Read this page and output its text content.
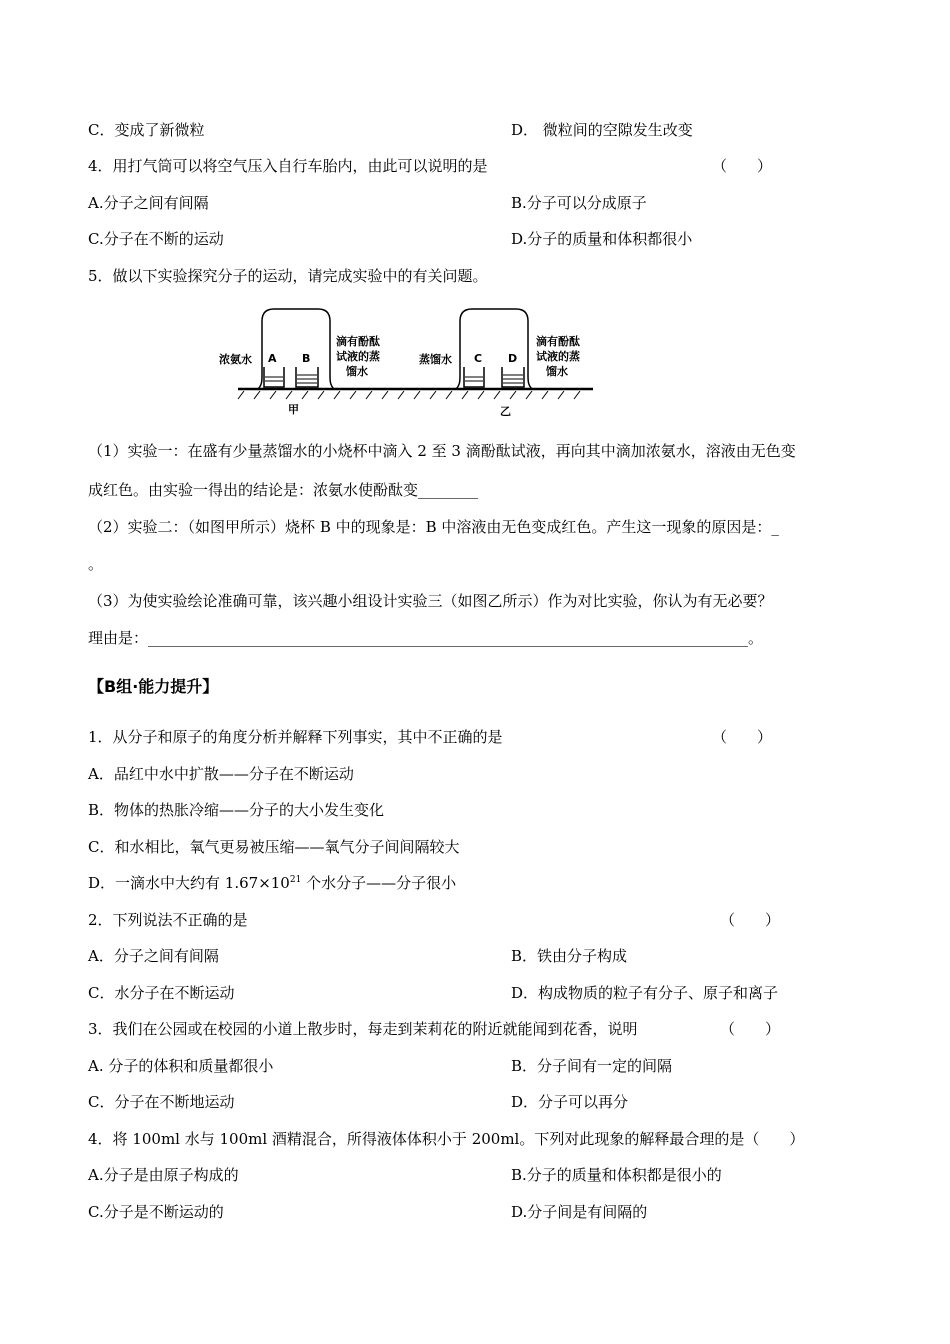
C．变成了新微粒	D． 微粒间的空隙发生改变
4．用打气筒可以将空气压入自行车胎内，由此可以说明的是	（　　）
A.分子之间有间隔	B.分子可以分成原子
C.分子在不断的运动	D.分子的质量和体积都很小
5．做以下实验探究分子的运动，请完成实验中的有关问题。
A B
浓氨水
滴有酚酞
试液的蒸
馏水
甲
C D
蒸馏水
滴有酚酞
试液的蒸
馏水
乙
（1）实验一：在盛有少量蒸馏水的小烧杯中滴入 2 至 3 滴酚酞试液，再向其中滴加浓氨水，溶液由无色变
成红色。由实验一得出的结论是：浓氨水使酚酞变________
（2）实验二：（如图甲所示）烧杯 B 中的现象是：B 中溶液由无色变成红色。产生这一现象的原因是：_
。
（3）为使实验绘论准确可靠，该兴趣小组设计实验三（如图乙所示）作为对比实验，你认为有无必要？
理由是：________________________________________________________________________________。
【B组·能力提升】
1．从分子和原子的角度分析并解释下列事实，其中不正确的是	（　　）
A．品红中水中扩散——分子在不断运动
B．物体的热胀冷缩——分子的大小发生变化
C．和水相比，氧气更易被压缩——氧气分子间间隔较大
D．一滴水中大约有 $1.67\times 10^{21}$ 个水分子——分子很小
2．下列说法不正确的是	（　　）
A．分子之间有间隔	B．铁由分子构成
C．水分子在不断运动	D．构成物质的粒子有分子、原子和离子
3．我们在公园或在校园的小道上散步时，每走到茉莉花的附近就能闻到花香，说明	（　　）
A. 分子的体积和质量都很小	B．分子间有一定的间隔
C．分子在不断地运动	D．分子可以再分
4．将 100ml 水与 100ml 酒精混合，所得液体体积小于 200ml。下列对此现象的解释最合理的是（　　）
A.分子是由原子构成的	B.分子的质量和体积都是很小的
C.分子是不断运动的	D.分子间是有间隔的
